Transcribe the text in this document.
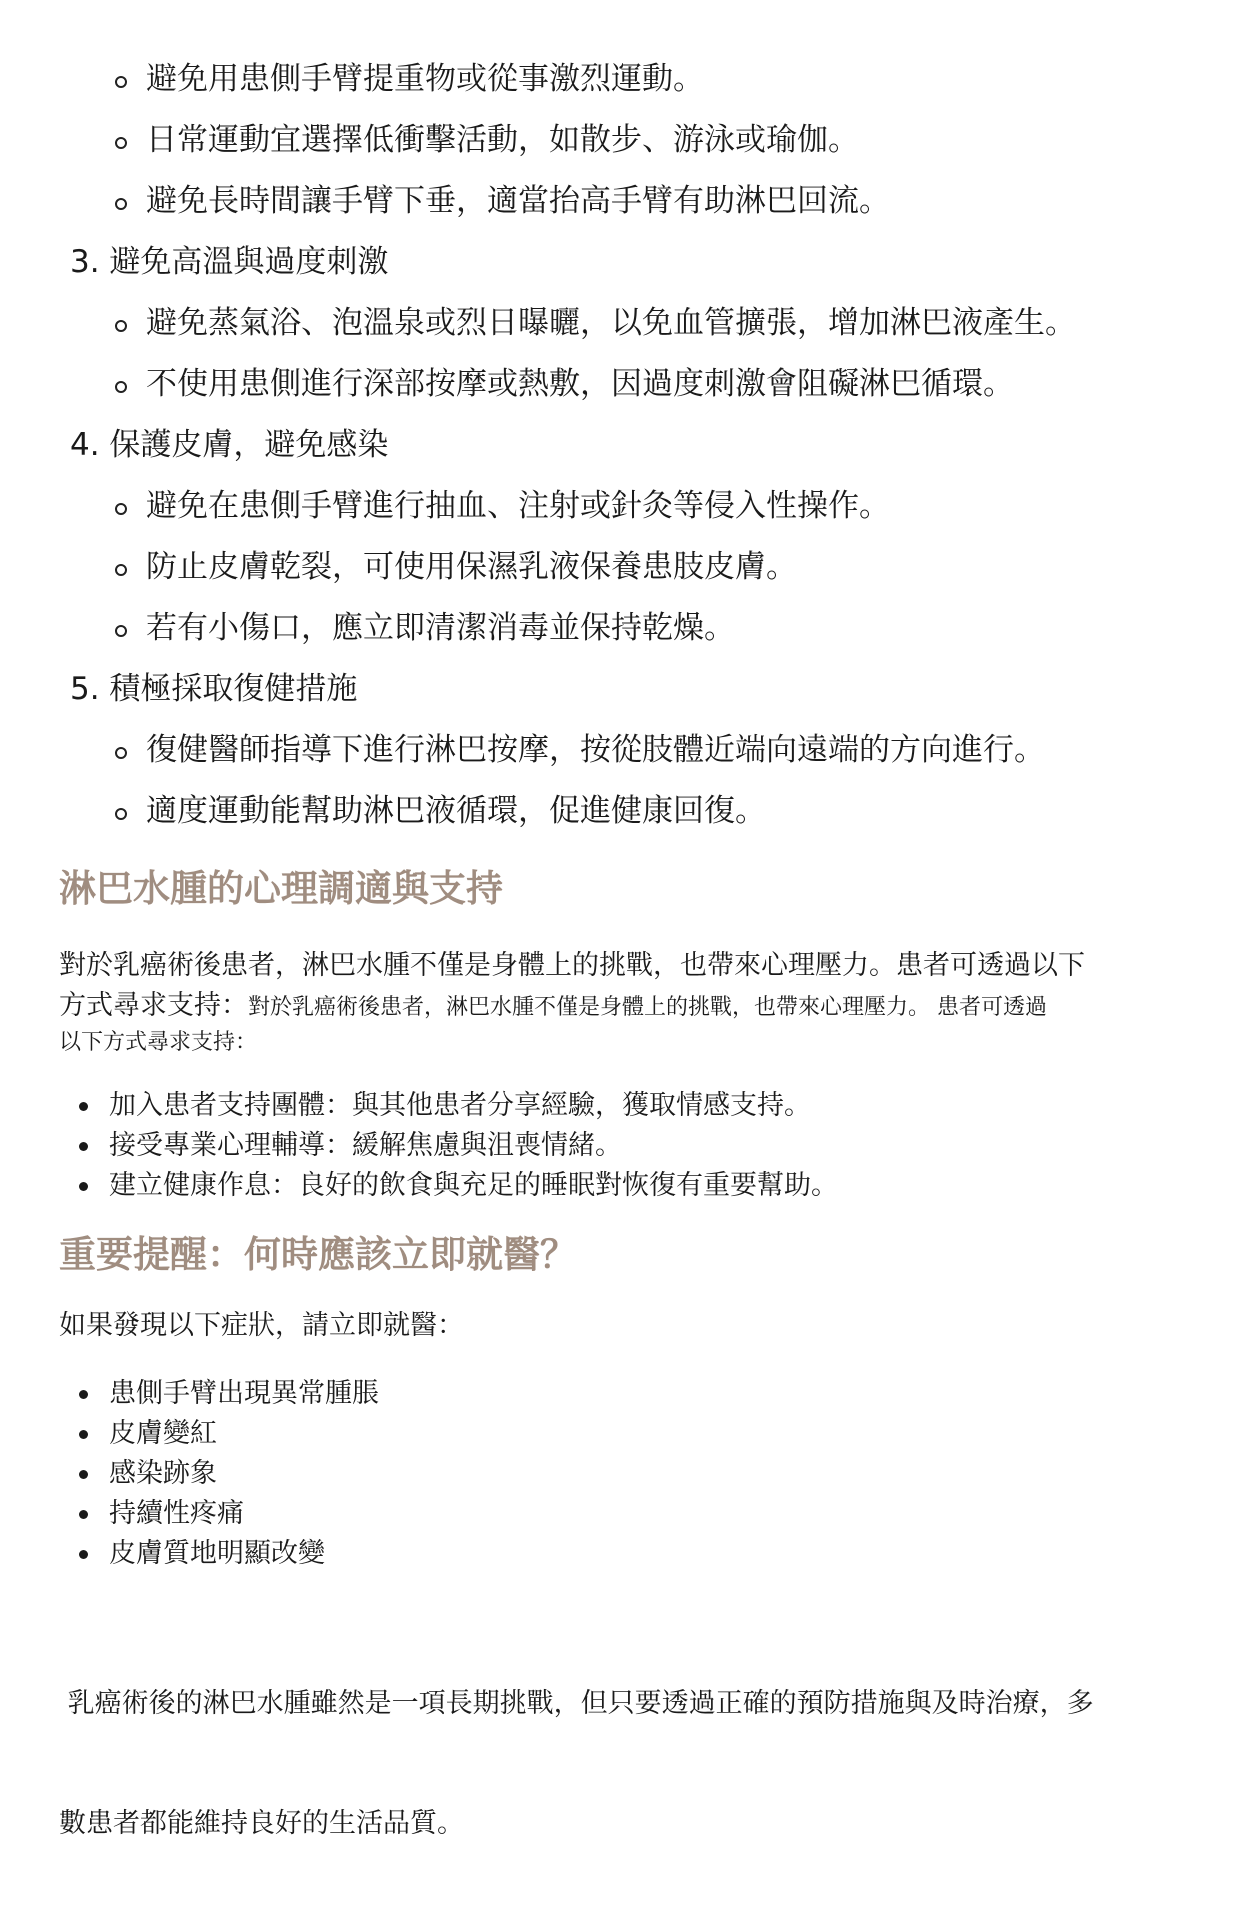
避免用患側手臂提重物或從事激烈運動。
日常運動宜選擇低衝擊活動，如散步、游泳或瑜伽。
避免長時間讓手臂下垂，適當抬高手臂有助淋巴回流。
3. 避免高溫與過度刺激
避免蒸氣浴、泡溫泉或烈日曝曬，以免血管擴張，增加淋巴液產生。
不使用患側進行深部按摩或熱敷，因過度刺激會阻礙淋巴循環。
4. 保護皮膚，避免感染
避免在患側手臂進行抽血、注射或針灸等侵入性操作。
防止皮膚乾裂，可使用保濕乳液保養患肢皮膚。
若有小傷口，應立即清潔消毒並保持乾燥。
5. 積極採取復健措施
復健醫師指導下進行淋巴按摩，按從肢體近端向遠端的方向進行。
適度運動能幫助淋巴液循環，促進健康回復。
淋巴水腫的心理調適與支持
對於乳癌術後患者，淋巴水腫不僅是身體上的挑戰，也帶來心理壓力。患者可透過以下
方式尋求支持：對於乳癌術後患者，淋巴水腫不僅是身體上的挑戰，也帶來心理壓力。 患者可透過
以下方式尋求支持：
加入患者支持團體：與其他患者分享經驗，獲取情感支持。
接受專業心理輔導：緩解焦慮與沮喪情緒。
建立健康作息：良好的飲食與充足的睡眠對恢復有重要幫助。
重要提醒：何時應該立即就醫？
如果發現以下症狀，請立即就醫：
患側手臂出現異常腫脹
皮膚變紅
感染跡象
持續性疼痛
皮膚質地明顯改變

乳癌術後的淋巴水腫雖然是一項長期挑戰，但只要透過正確的預防措施與及時治療，多

數患者都能維持良好的生活品質。
